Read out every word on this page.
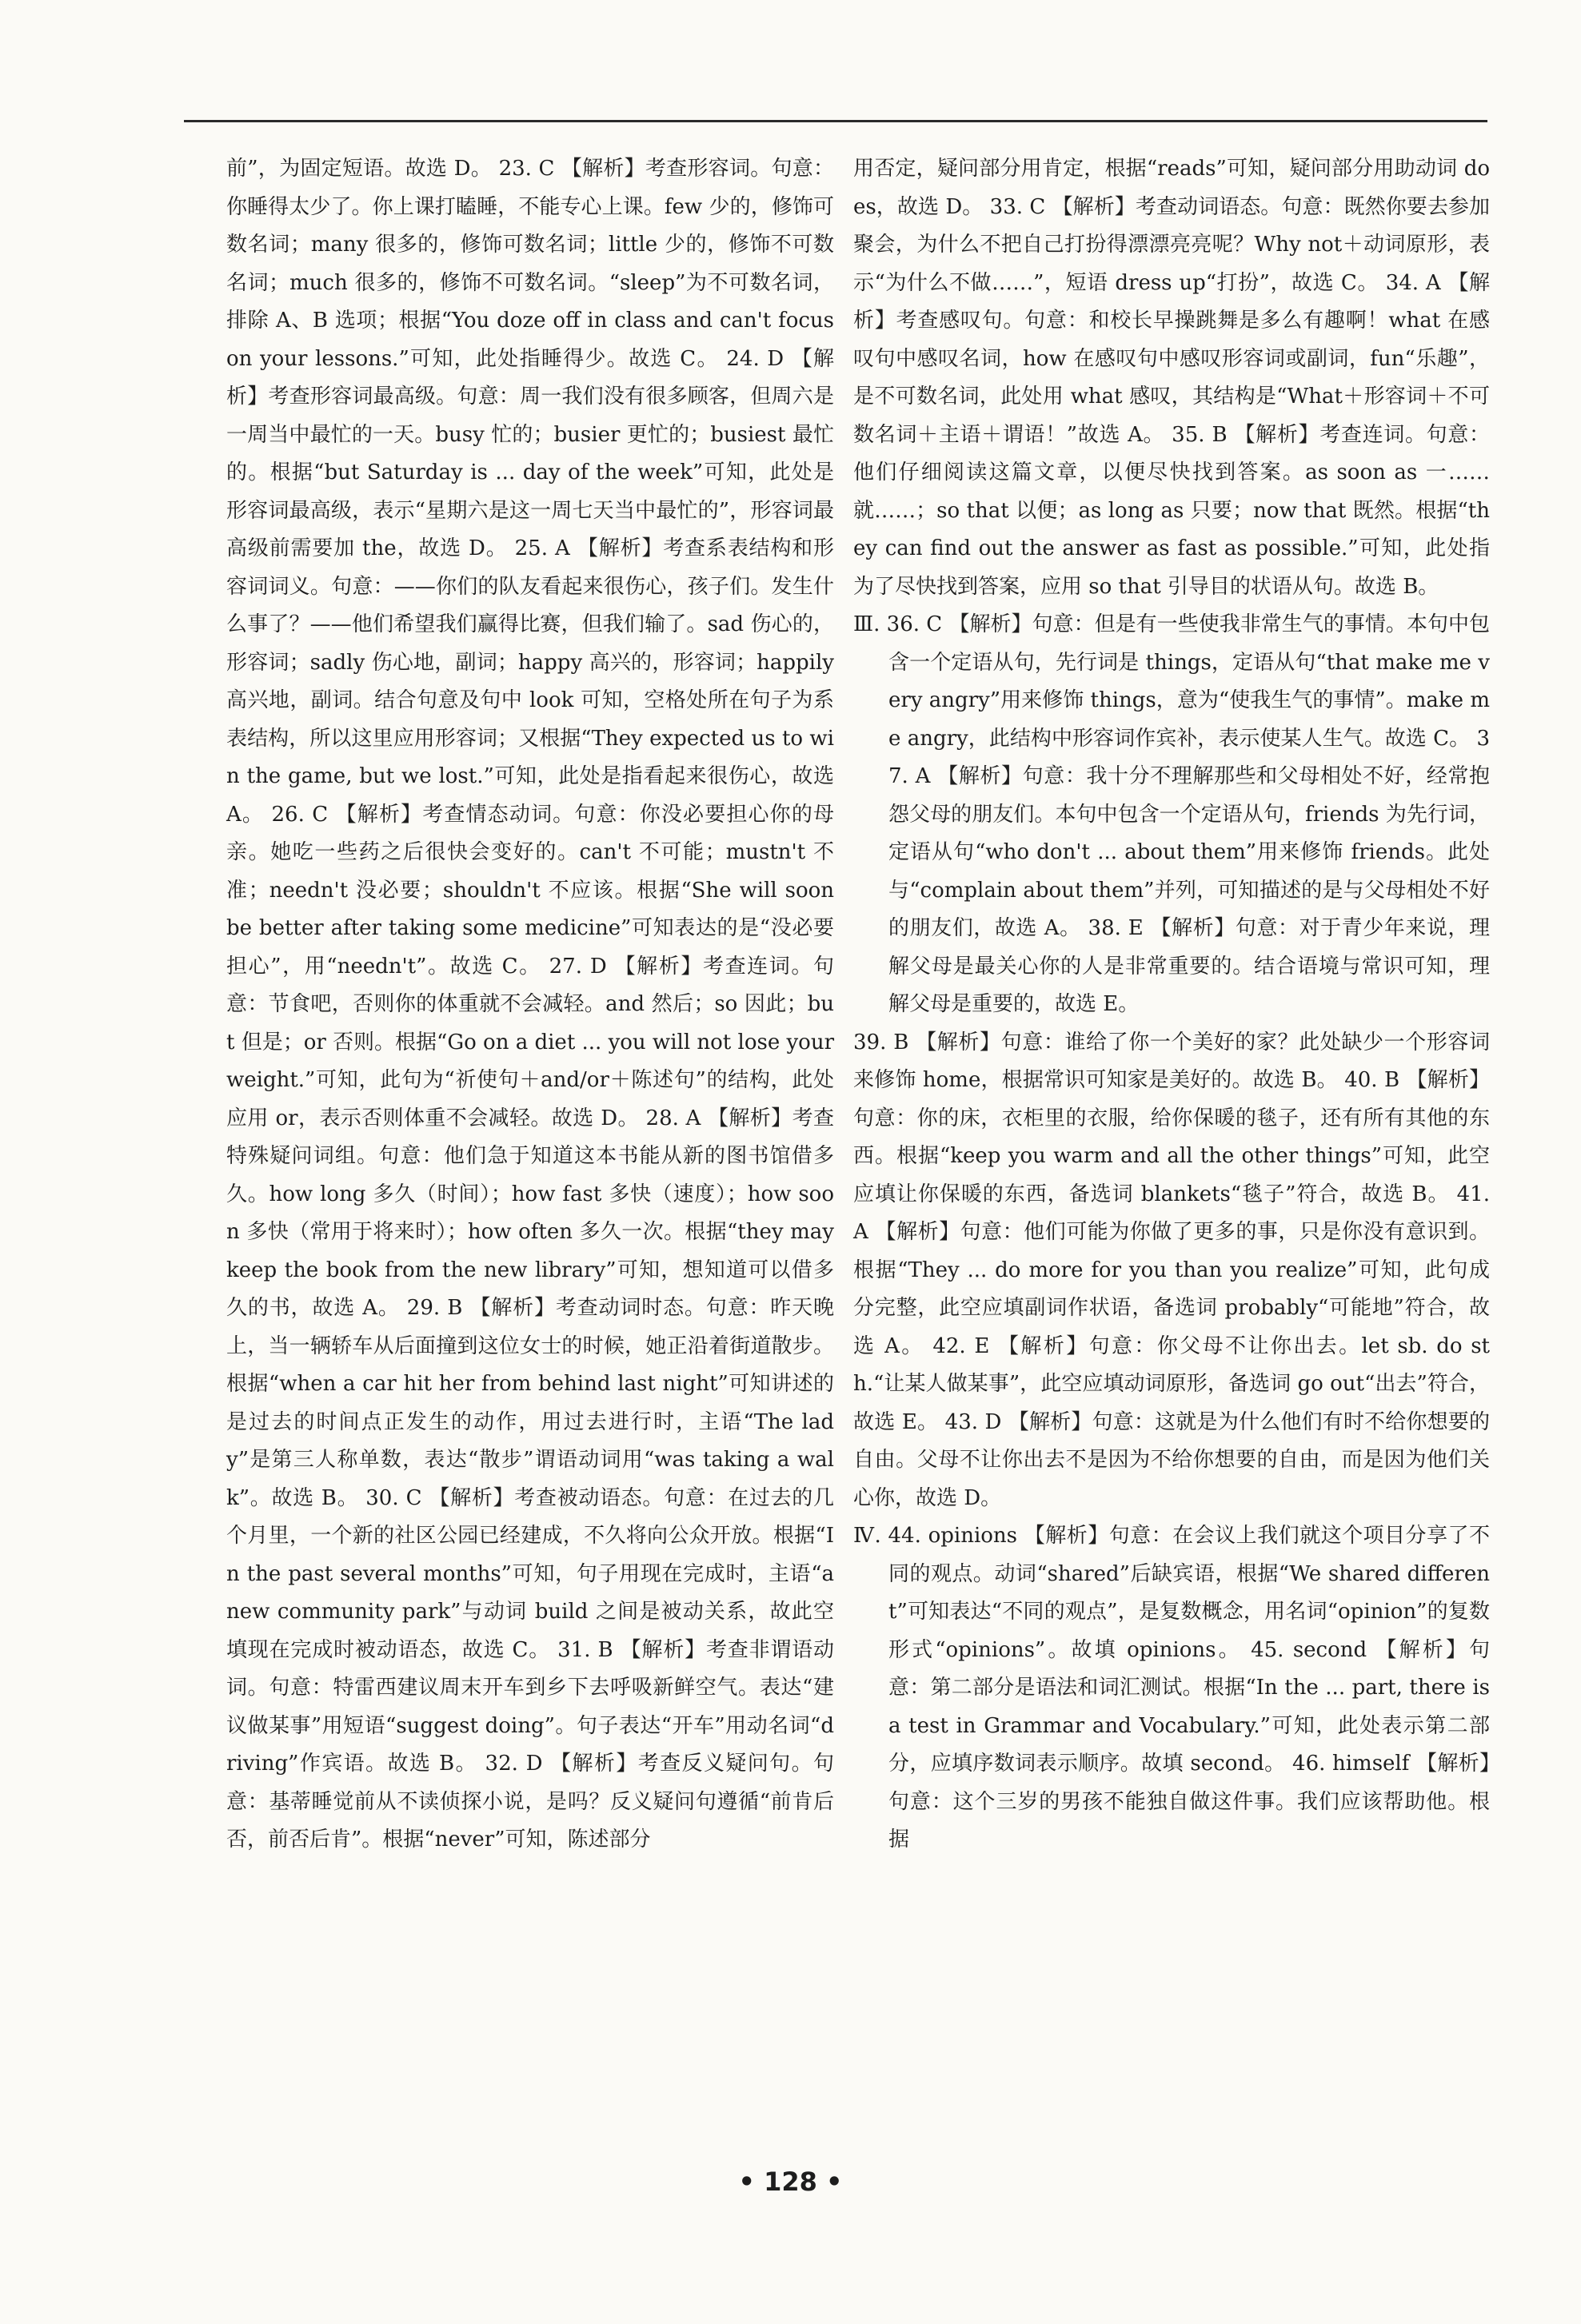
前”，为固定短语。故选 D。 23. C 【解析】考查形容词。句意：你睡得太少了。你上课打瞌睡，不能专心上课。few 少的，修饰可数名词；many 很多的，修饰可数名词；little 少的，修饰不可数名词；much 很多的，修饰不可数名词。“sleep”为不可数名词，排除 A、B 选项；根据“You doze off in class and can't focus on your lessons.”可知，此处指睡得少。故选 C。 24. D 【解析】考查形容词最高级。句意：周一我们没有很多顾客，但周六是一周当中最忙的一天。busy 忙的；busier 更忙的；busiest 最忙的。根据“but Saturday is ... day of the week”可知，此处是形容词最高级，表示“星期六是这一周七天当中最忙的”，形容词最高级前需要加 the，故选 D。 25. A 【解析】考查系表结构和形容词词义。句意：——你们的队友看起来很伤心，孩子们。发生什么事了？——他们希望我们赢得比赛，但我们输了。sad 伤心的，形容词；sadly 伤心地，副词；happy 高兴的，形容词；happily 高兴地，副词。结合句意及句中 look 可知，空格处所在句子为系表结构，所以这里应用形容词；又根据“They expected us to win the game, but we lost.”可知，此处是指看起来很伤心，故选 A。 26. C 【解析】考查情态动词。句意：你没必要担心你的母亲。她吃一些药之后很快会变好的。can't 不可能；mustn't 不准；needn't 没必要；shouldn't 不应该。根据“She will soon be better after taking some medicine”可知表达的是“没必要担心”，用“needn't”。故选 C。 27. D 【解析】考查连词。句意：节食吧，否则你的体重就不会减轻。and 然后；so 因此；but 但是；or 否则。根据“Go on a diet ... you will not lose your weight.”可知，此句为“祈使句＋and/or＋陈述句”的结构，此处应用 or，表示否则体重不会减轻。故选 D。 28. A 【解析】考查特殊疑问词组。句意：他们急于知道这本书能从新的图书馆借多久。how long 多久（时间）；how fast 多快（速度）；how soon 多快（常用于将来时）；how often 多久一次。根据“they may keep the book from the new library”可知，想知道可以借多久的书，故选 A。 29. B 【解析】考查动词时态。句意：昨天晚上，当一辆轿车从后面撞到这位女士的时候，她正沿着街道散步。根据“when a car hit her from behind last night”可知讲述的是过去的时间点正发生的动作，用过去进行时，主语“The lady”是第三人称单数，表达“散步”谓语动词用“was taking a walk”。故选 B。 30. C 【解析】考查被动语态。句意：在过去的几个月里，一个新的社区公园已经建成，不久将向公众开放。根据“In the past several months”可知，句子用现在完成时，主语“a new community park”与动词 build 之间是被动关系，故此空填现在完成时被动语态，故选 C。 31. B 【解析】考查非谓语动词。句意：特雷西建议周末开车到乡下去呼吸新鲜空气。表达“建议做某事”用短语“suggest doing”。句子表达“开车”用动名词“driving”作宾语。故选 B。 32. D 【解析】考查反义疑问句。句意：基蒂睡觉前从不读侦探小说，是吗？反义疑问句遵循“前肯后否，前否后肯”。根据“never”可知，陈述部分

用否定，疑问部分用肯定，根据“reads”可知，疑问部分用助动词 does，故选 D。 33. C 【解析】考查动词语态。句意：既然你要去参加聚会，为什么不把自己打扮得漂漂亮亮呢？Why not＋动词原形，表示“为什么不做……”，短语 dress up“打扮”，故选 C。 34. A 【解析】考查感叹句。句意：和校长早操跳舞是多么有趣啊！what 在感叹句中感叹名词，how 在感叹句中感叹形容词或副词，fun“乐趣”，是不可数名词，此处用 what 感叹，其结构是“What＋形容词＋不可数名词＋主语＋谓语！”故选 A。 35. B 【解析】考查连词。句意：他们仔细阅读这篇文章，以便尽快找到答案。as soon as 一……就……；so that 以便；as long as 只要；now that 既然。根据“they can find out the answer as fast as possible.”可知，此处指为了尽快找到答案，应用 so that 引导目的状语从句。故选 B。

Ⅲ. 36. C 【解析】句意：但是有一些使我非常生气的事情。本句中包含一个定语从句，先行词是 things，定语从句“that make me very angry”用来修饰 things，意为“使我生气的事情”。make me angry，此结构中形容词作宾补，表示使某人生气。故选 C。 37. A 【解析】句意：我十分不理解那些和父母相处不好，经常抱怨父母的朋友们。本句中包含一个定语从句，friends 为先行词，定语从句“who don't ... about them”用来修饰 friends。此处与“complain about them”并列，可知描述的是与父母相处不好的朋友们，故选 A。 38. E 【解析】句意：对于青少年来说，理解父母是最关心你的人是非常重要的。结合语境与常识可知，理解父母是重要的，故选 E。

39. B 【解析】句意：谁给了你一个美好的家？此处缺少一个形容词来修饰 home，根据常识可知家是美好的。故选 B。 40. B 【解析】句意：你的床，衣柜里的衣服，给你保暖的毯子，还有所有其他的东西。根据“keep you warm and all the other things”可知，此空应填让你保暖的东西，备选词 blankets“毯子”符合，故选 B。 41. A 【解析】句意：他们可能为你做了更多的事，只是你没有意识到。根据“They ... do more for you than you realize”可知，此句成分完整，此空应填副词作状语，备选词 probably“可能地”符合，故选 A。 42. E 【解析】句意：你父母不让你出去。let sb. do sth.“让某人做某事”，此空应填动词原形，备选词 go out“出去”符合，故选 E。 43. D 【解析】句意：这就是为什么他们有时不给你想要的自由。父母不让你出去不是因为不给你想要的自由，而是因为他们关心你，故选 D。

Ⅳ. 44. opinions 【解析】句意：在会议上我们就这个项目分享了不同的观点。动词“shared”后缺宾语，根据“We shared different”可知表达“不同的观点”，是复数概念，用名词“opinion”的复数形式“opinions”。故填 opinions。 45. second 【解析】句意：第二部分是语法和词汇测试。根据“In the ... part, there is a test in Grammar and Vocabulary.”可知，此处表示第二部分，应填序数词表示顺序。故填 second。 46. himself 【解析】句意：这个三岁的男孩不能独自做这件事。我们应该帮助他。根据

• 128 •
